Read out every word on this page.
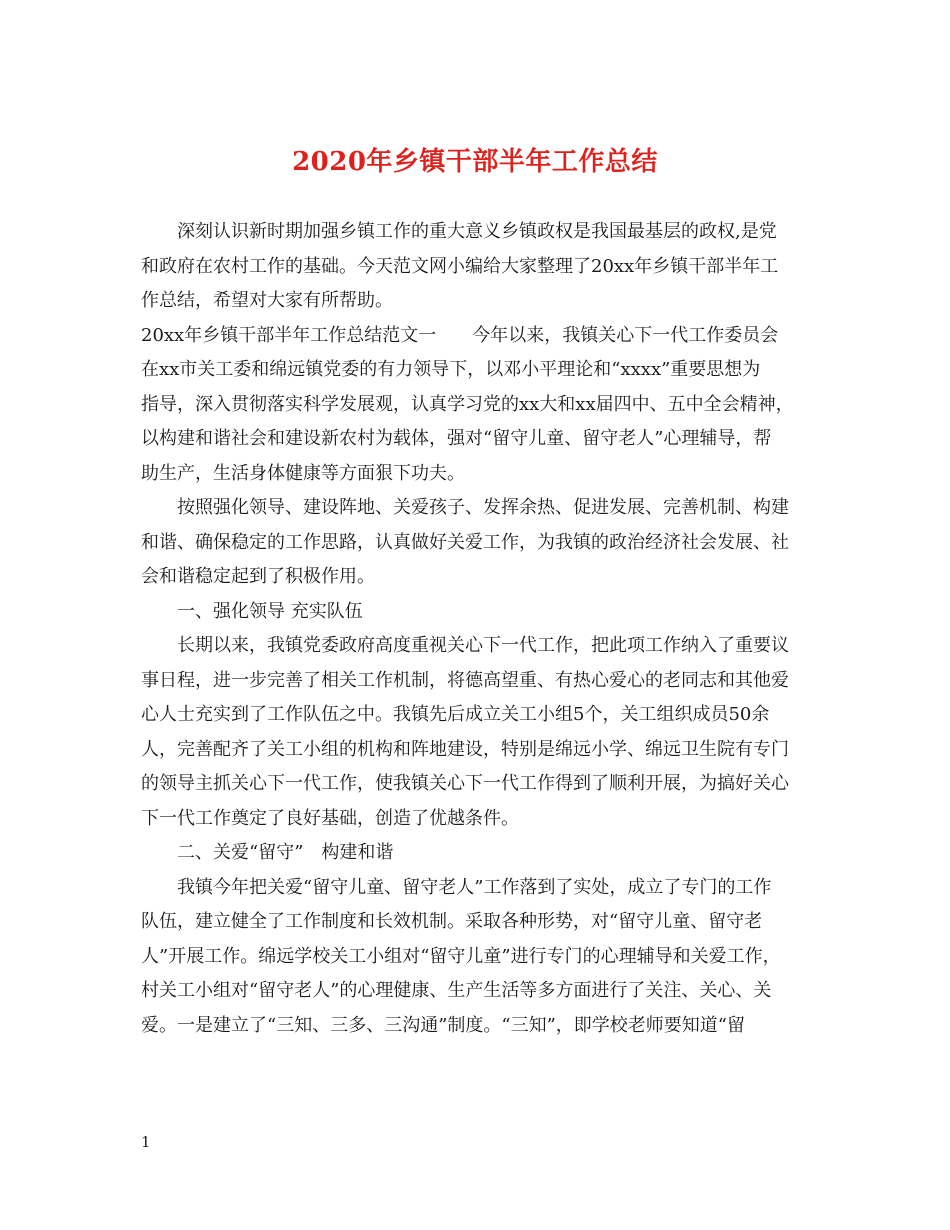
2020年乡镇干部半年工作总结
深刻认识新时期加强乡镇工作的重大意义乡镇政权是我国最基层的政权,是党
和政府在农村工作的基础。今天范文网小编给大家整理了20xx年乡镇干部半年工
作总结，希望对大家有所帮助。
20xx年乡镇干部半年工作总结范文一　　今年以来，我镇关心下一代工作委员会
在xx市关工委和绵远镇党委的有力领导下，以邓小平理论和“xxxx”重要思想为
指导，深入贯彻落实科学发展观，认真学习党的xx大和xx届四中、五中全会精神，
以构建和谐社会和建设新农村为载体，强对“留守儿童、留守老人”心理辅导，帮
助生产，生活身体健康等方面狠下功夫。
按照强化领导、建设阵地、关爱孩子、发挥余热、促进发展、完善机制、构建
和谐、确保稳定的工作思路，认真做好关爱工作，为我镇的政治经济社会发展、社
会和谐稳定起到了积极作用。
一、强化领导 充实队伍
长期以来，我镇党委政府高度重视关心下一代工作，把此项工作纳入了重要议
事日程，进一步完善了相关工作机制，将德高望重、有热心爱心的老同志和其他爱
心人士充实到了工作队伍之中。我镇先后成立关工小组5个，关工组织成员50余
人，完善配齐了关工小组的机构和阵地建设，特别是绵远小学、绵远卫生院有专门
的领导主抓关心下一代工作，使我镇关心下一代工作得到了顺利开展，为搞好关心
下一代工作奠定了良好基础，创造了优越条件。
二、关爱“留守”　构建和谐
我镇今年把关爱“留守儿童、留守老人”工作落到了实处，成立了专门的工作
队伍，建立健全了工作制度和长效机制。采取各种形势，对“留守儿童、留守老
人”开展工作。绵远学校关工小组对“留守儿童”进行专门的心理辅导和关爱工作，
村关工小组对“留守老人”的心理健康、生产生活等多方面进行了关注、关心、关
爱。一是建立了“三知、三多、三沟通”制度。“三知”，即学校老师要知道“留
1
